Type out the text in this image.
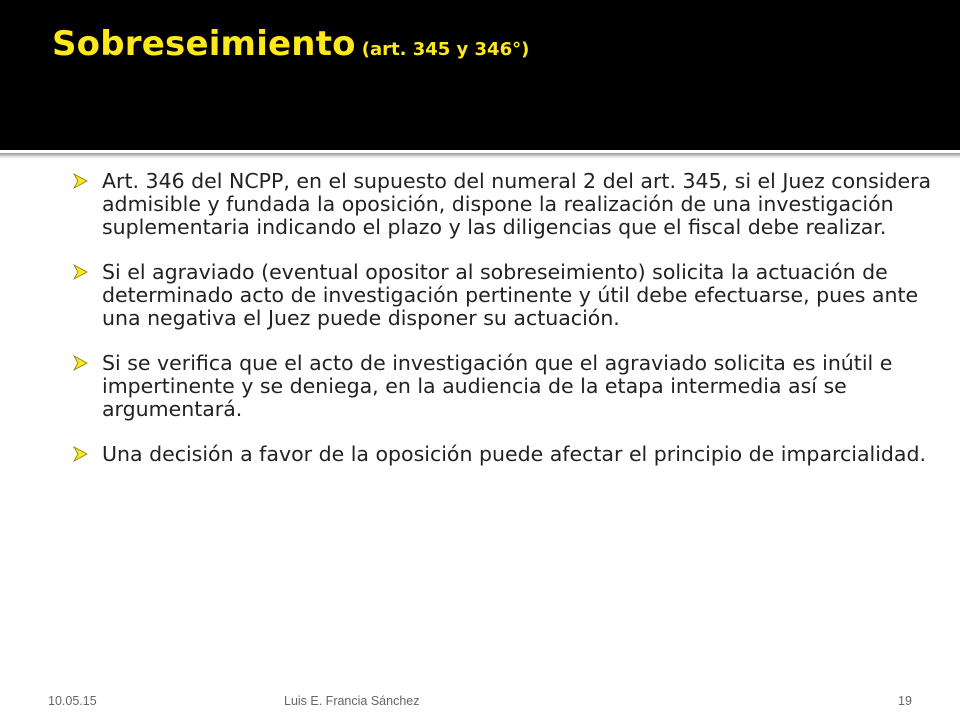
Sobreseimiento (art. 345 y 346°)
Art. 346 del NCPP, en el supuesto del numeral 2 del art. 345, si el Juez considera admisible y fundada la oposición, dispone la realización de una investigación suplementaria indicando el plazo y las diligencias que el fiscal debe realizar.
Si el agraviado (eventual opositor al sobreseimiento) solicita la actuación de determinado acto de investigación pertinente y útil debe efectuarse, pues ante una negativa el Juez puede disponer su actuación.
Si se verifica que el acto de investigación que el agraviado solicita es inútil e impertinente y se deniega, en la audiencia de la etapa intermedia así se argumentará.
Una decisión a favor de la oposición puede afectar el principio de imparcialidad.
10.05.15	Luis E. Francia Sánchez	19
